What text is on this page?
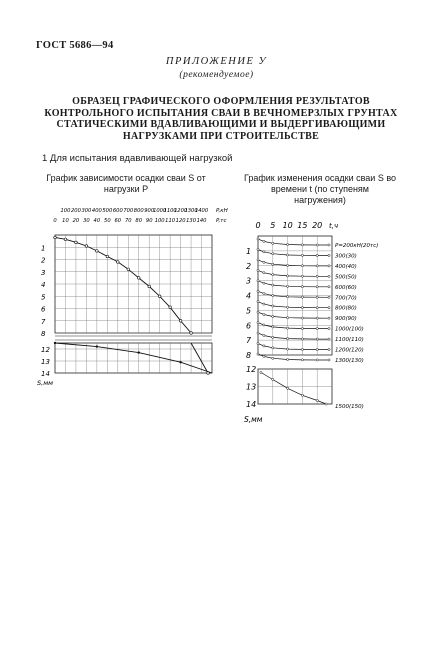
ГОСТ 5686—94
ПРИЛОЖЕНИЕ У
(рекомендуемое)
ОБРАЗЕЦ ГРАФИЧЕСКОГО ОФОРМЛЕНИЯ РЕЗУЛЬТАТОВ
КОНТРОЛЬНОГО ИСПЫТАНИЯ СВАИ В ВЕЧНОМЕРЗЛЫХ ГРУНТАХ
СТАТИЧЕСКИМИ ВДАВЛИВАЮЩИМИ И ВЫДЕРГИВАЮЩИМИ
НАГРУЗКАМИ ПРИ СТРОИТЕЛЬСТВЕ
1 Для испытания вдавливающей нагрузкой
График зависимости осадки сваи S от
нагрузки P
График изменения осадки сваи S во
времени t (по ступеням
нагружения)
100 200 300 400 500 600 700 800 900
1000
1100
1200
1300
1400 P,кН
0 10 20 30 40 50 60 70 80 90 100 110 120 130 140 P,тс
1
2
3
4
5
6
7
8
12
13
14
S,мм
0 5 10 15 20 t,ч
1
2
3
4
5
6
7
8
12
13
14
S,мм
P=200кН(20тс)
300(30)
400(40)
500(50)
600(60)
700(70)
800(80)
900(90)
1000(100)
1100(110)
1200(120)
1300(130)
1500(150)
